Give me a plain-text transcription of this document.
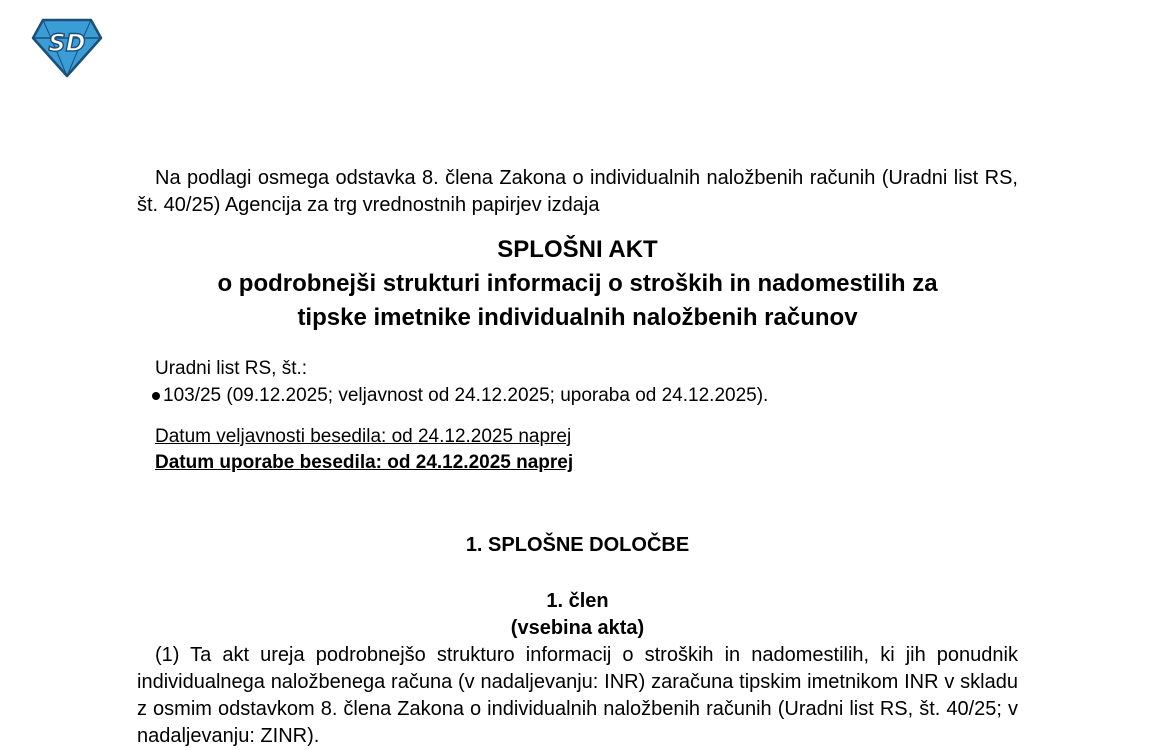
SD

Na podlagi osmega odstavka 8. člena Zakona o individualnih naložbenih računih (Uradni list RS, št. 40/25) Agencija za trg vrednostnih papirjev izdaja

SPLOŠNI AKT
o podrobnejši strukturi informacij o stroških in nadomestilih za
tipske imetnike individualnih naložbenih računov
Uradni list RS, št.:
103/25 (09.12.2025; veljavnost od 24.12.2025; uporaba od 24.12.2025).
Datum veljavnosti besedila: od 24.12.2025 naprej
Datum uporabe besedila: od 24.12.2025 naprej
1. SPLOŠNE DOLOČBE
1. člen
(vsebina akta)

(1) Ta akt ureja podrobnejšo strukturo informacij o stroških in nadomestilih, ki jih ponudnik individualnega naložbenega računa (v nadaljevanju: INR) zaračuna tipskim imetnikom INR v skladu z osmim odstavkom 8. člena Zakona o individualnih naložbenih računih (Uradni list RS, št. 40/25; v nadaljevanju: ZINR).
